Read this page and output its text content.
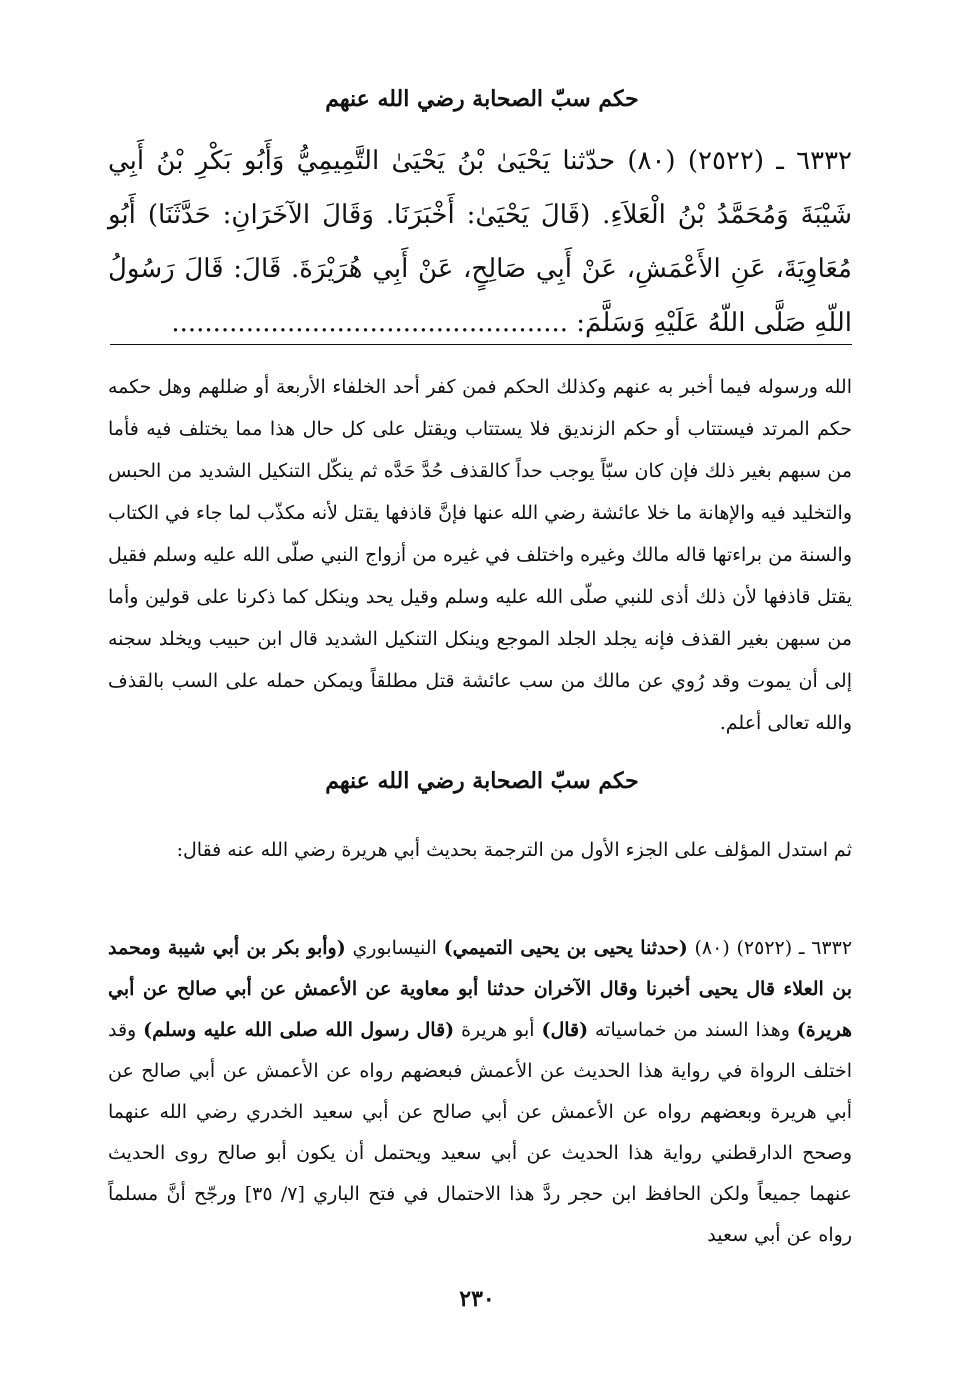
حكم سبّ الصحابة رضي الله عنهم
٦٣٣٢ ـ (٢٥٢٢) (٨٠) حدّثنا يَحْيَىٰ بْنُ يَحْيَىٰ التَّمِيمِيُّ وَأَبُو بَكْرِ بْنُ أَبِي شَيْبَةَ وَمُحَمَّدُ بْنُ الْعَلاَءِ. (قَالَ يَحْيَىٰ: أَخْبَرَنَا. وَقَالَ الآخَرَانِ: حَدَّثَنَا) أَبُو مُعَاوِيَةَ، عَنِ الأَعْمَشِ، عَنْ أَبِي صَالِحٍ، عَنْ أَبِي هُرَيْرَةَ. قَالَ: قَالَ رَسُولُ اللّهِ صَلَّى اللّهُ عَلَيْهِ وَسَلَّمَ: ................................................
الله ورسوله فيما أخبر به عنهم وكذلك الحكم فمن كفر أحد الخلفاء الأربعة أو ضللهم وهل حكمه حكم المرتد فيستتاب أو حكم الزنديق فلا يستتاب ويقتل على كل حال هذا مما يختلف فيه فأما من سبهم بغير ذلك فإن كان سبّاً يوجب حداً كالقذف حُدَّ حَدَّه ثم ينكّل التنكيل الشديد من الحبس والتخليد فيه والإهانة ما خلا عائشة رضي الله عنها فإنَّ قاذفها يقتل لأنه مكذّب لما جاء في الكتاب والسنة من براءتها قاله مالك وغيره واختلف في غيره من أزواج النبي صلّى الله عليه وسلم فقيل يقتل قاذفها لأن ذلك أذى للنبي صلّى الله عليه وسلم وقيل يحد وينكل كما ذكرنا على قولين وأما من سبهن بغير القذف فإنه يجلد الجلد الموجع وينكل التنكيل الشديد قال ابن حبيب ويخلد سجنه إلى أن يموت وقد رُوي عن مالك من سب عائشة قتل مطلقاً ويمكن حمله على السب بالقذف والله تعالى أعلم.
حكم سبّ الصحابة رضي الله عنهم
ثم استدل المؤلف على الجزء الأول من الترجمة بحديث أبي هريرة رضي الله عنه فقال:
٦٣٣٢ ـ (٢٥٢٢) (٨٠) (حدثنا يحيى بن يحيى التميمي) النيسابوري (وأبو بكر بن أبي شيبة ومحمد بن العلاء قال يحيى أخبرنا وقال الآخران حدثنا أبو معاوية عن الأعمش عن أبي صالح عن أبي هريرة) وهذا السند من خماسياته (قال) أبو هريرة (قال رسول الله صلى الله عليه وسلم) وقد اختلف الرواة في رواية هذا الحديث عن الأعمش فبعضهم رواه عن الأعمش عن أبي صالح عن أبي هريرة وبعضهم رواه عن الأعمش عن أبي صالح عن أبي سعيد الخدري رضي الله عنهما وصحح الدارقطني رواية هذا الحديث عن أبي سعيد ويحتمل أن يكون أبو صالح روى الحديث عنهما جميعاً ولكن الحافظ ابن حجر ردَّ هذا الاحتمال في فتح الباري [٧/ ٣٥] ورجّح أنَّ مسلماً رواه عن أبي سعيد
٢٣٠
